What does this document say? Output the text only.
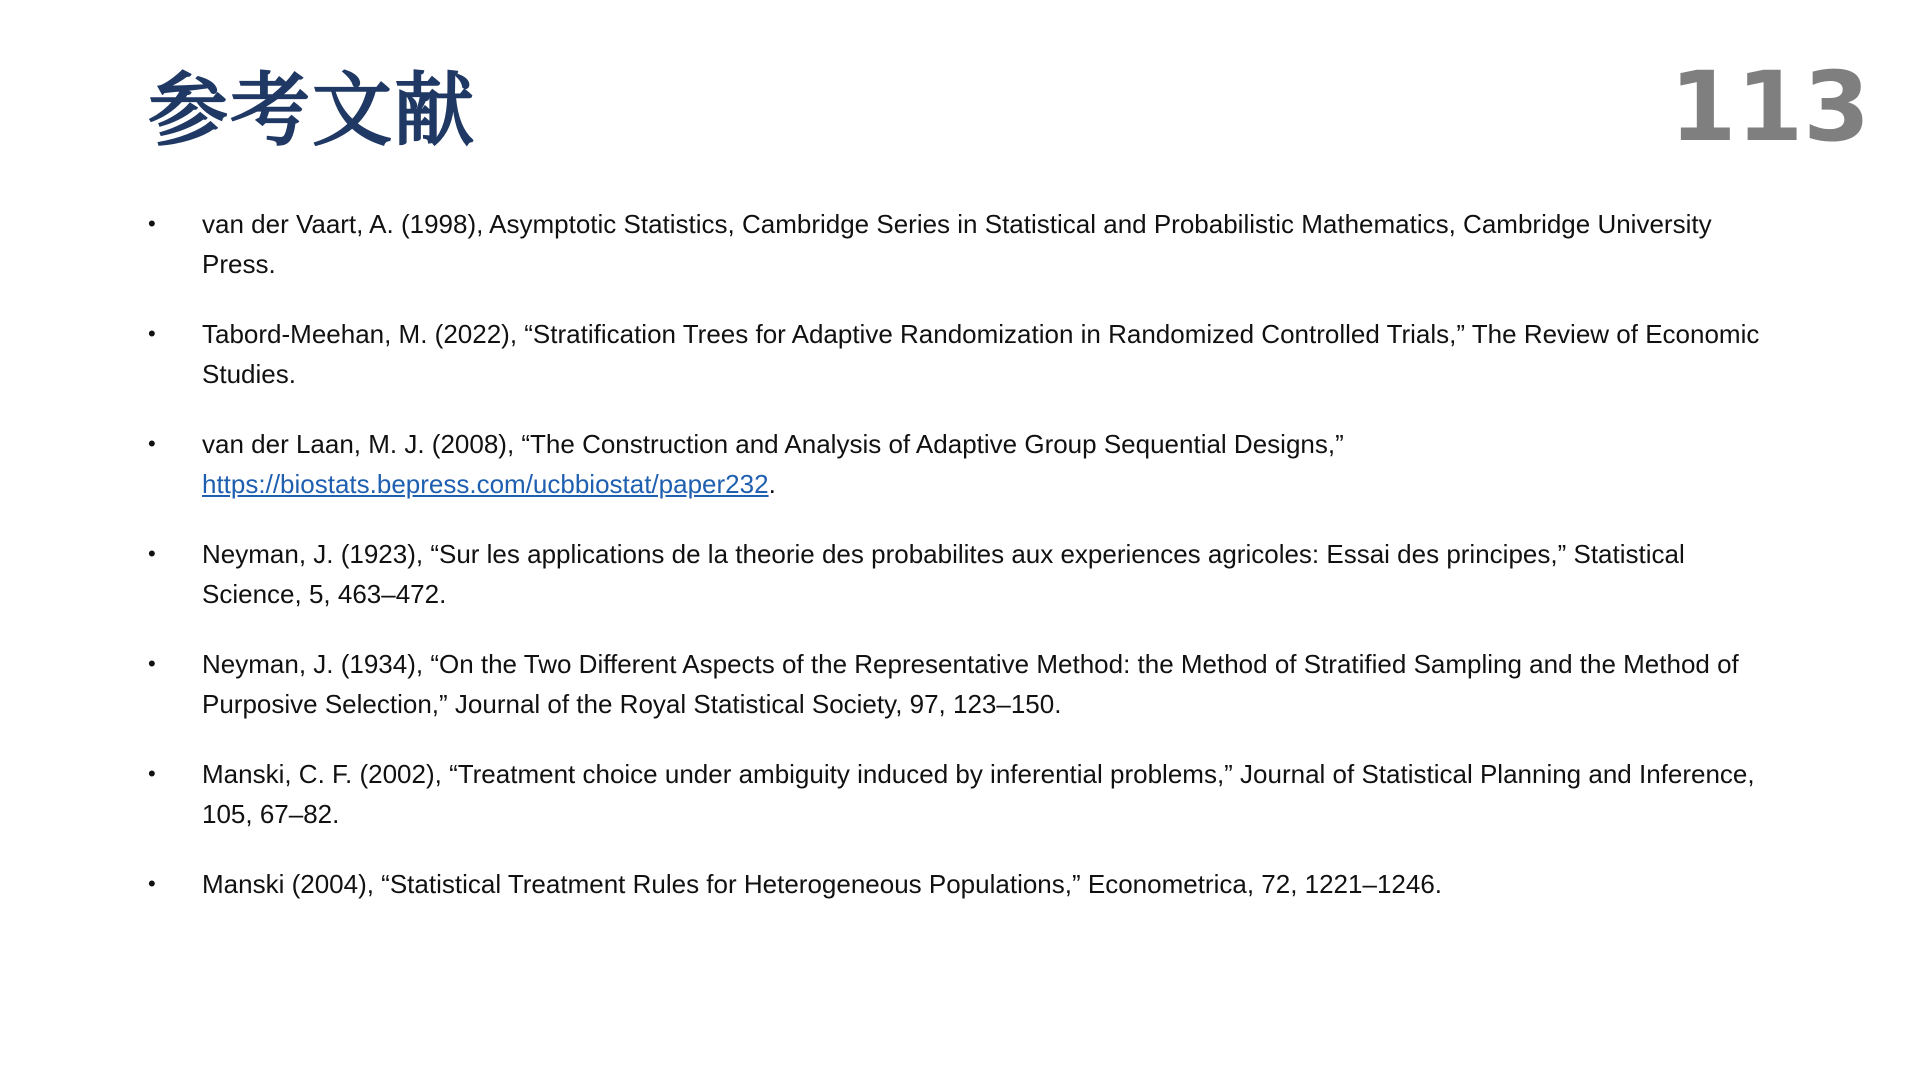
参考文献	113
•	van der Vaart, A. (1998), Asymptotic Statistics, Cambridge Series in Statistical and Probabilistic Mathematics, Cambridge University Press.
•	Tabord-Meehan, M. (2022), “Stratification Trees for Adaptive Randomization in Randomized Controlled Trials,” The Review of Economic Studies.
•	van der Laan, M. J. (2008), “The Construction and Analysis of Adaptive Group Sequential Designs,” https://biostats.bepress.com/ucbbiostat/paper232.
•	Neyman, J. (1923), “Sur les applications de la theorie des probabilites aux experiences agricoles: Essai des principes,” Statistical Science, 5, 463–472.
•	Neyman, J. (1934), “On the Two Different Aspects of the Representative Method: the Method of Stratified Sampling and the Method of Purposive Selection,” Journal of the Royal Statistical Society, 97, 123–150.
•	Manski, C. F. (2002), “Treatment choice under ambiguity induced by inferential problems,” Journal of Statistical Planning and Inference, 105, 67–82.
•	Manski (2004), “Statistical Treatment Rules for Heterogeneous Populations,” Econometrica, 72, 1221–1246.
